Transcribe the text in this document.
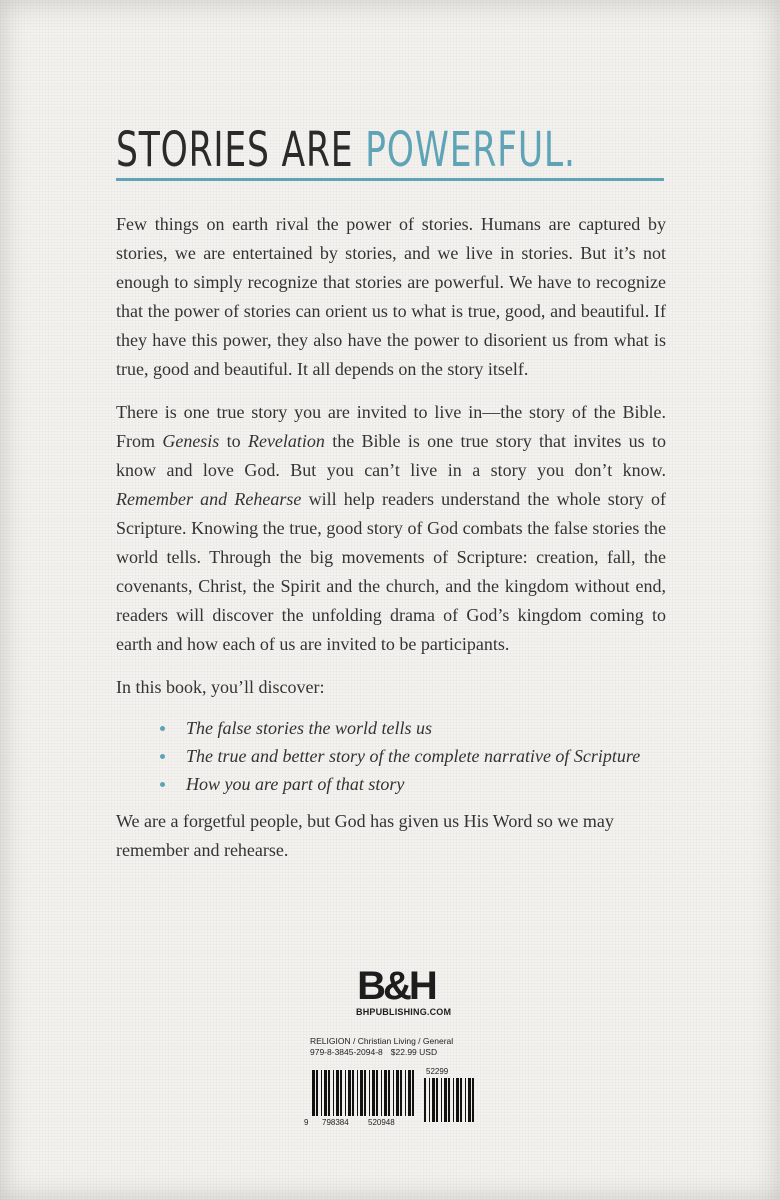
STORIES ARE POWERFUL.

Few things on earth rival the power of stories. Humans are captured by stories, we are entertained by stories, and we live in stories. But it’s not enough to simply recognize that stories are powerful. We have to recognize that the power of stories can orient us to what is true, good, and beautiful. If they have this power, they also have the power to disorient us from what is true, good and beautiful. It all depends on the story itself.

There is one true story you are invited to live in—the story of the Bible. From Genesis to Revelation the Bible is one true story that invites us to know and love God. But you can’t live in a story you don’t know. Remember and Rehearse will help readers understand the whole story of Scripture. Knowing the true, good story of God combats the false stories the world tells. Through the big movements of Scripture: creation, fall, the covenants, Christ, the Spirit and the church, and the kingdom without end, readers will discover the unfolding drama of God’s kingdom coming to earth and how each of us are invited to be participants.

In this book, you’ll discover:

The false stories the world tells us
The true and better story of the complete narrative of Scripture
How you are part of that story

We are a forgetful people, but God has given us His Word so we may remember and rehearse.

B&H
BHPUBLISHING.COM
RELIGION / Christian Living / General
979-8-3845-2094-8 $22.99 USD
52299
9 798384 520948
